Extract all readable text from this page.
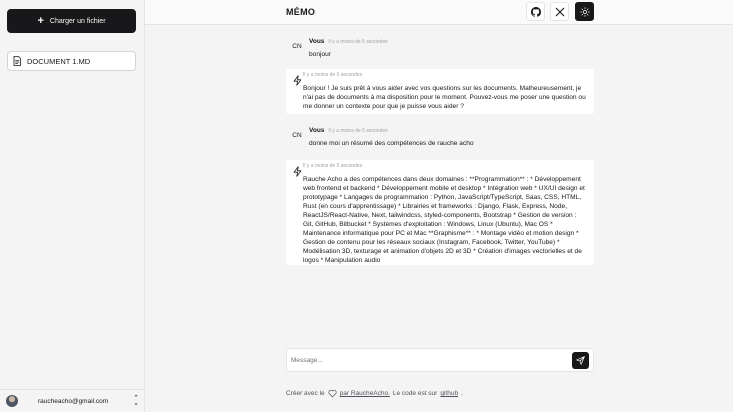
+ Charger un fichier
DOCUMENT 1.MD
raucheacho@gmail.com	⌃
⌄
MÉMO
CN
Vous Il y a moins de 5 secondes
bonjour
Il y a moins de 5 secondes
Bonjour ! Je suis prêt à vous aider avec vos questions sur les documents. Malheureusement, je n'ai pas de documents à ma disposition pour le moment. Pouvez-vous me poser une question ou me donner un contexte pour que je puisse vous aider ?
CN
Vous Il y a moins de 5 secondes
donne moi un résumé des compétences de rauche acho
Il y a moins de 5 secondes
Rauche Acho a des compétences dans deux domaines : **Programmation** : * Développement web frontend et backend * Développement mobile et desktop * Intégration web * UX/UI design et prototypage * Langages de programmation : Python, JavaScript/TypeScript, Saas, CSS, HTML, Rust (en cours d'apprentissage) * Librairies et frameworks : Django, Flask, Express, Node, ReactJS/React-Native, Next, tailwindcss, styled-components, Bootstrap * Gestion de version : Git, GitHub, Bitbucket * Systèmes d'exploitation : Windows, Linux (Ubuntu), Mac OS * Maintenance informatique pour PC et Mac **Graphisme** : * Montage vidéo et motion design * Gestion de contenu pour les réseaux sociaux (Instagram, Facebook, Twitter, YouTube) * Modélisation 3D, texturage et animation d'objets 2D et 3D * Création d'images vectorielles et de logos * Manipulation audio
Message...
Créer avec le par RaucheAcho. Le code est sur github .
